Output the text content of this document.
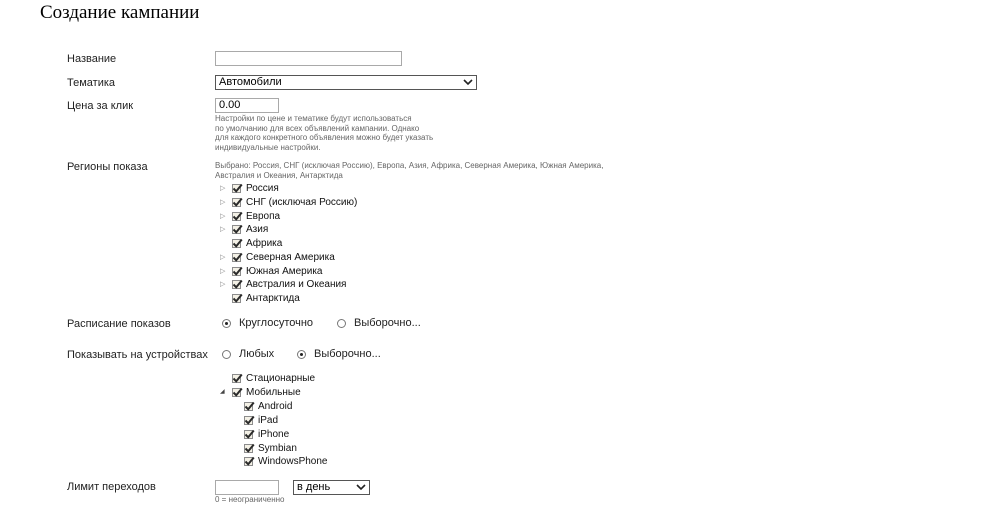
Создание кампании
Название
Тематика	Автомобили
Цена за клик	0.00
Настройки по цене и тематике будут использоваться
по умолчанию для всех объявлений кампании. Однако
для каждого конкретного объявления можно будет указать
индивидуальные настройки.
Регионы показа	Выбрано: Россия, СНГ (исключая Россию), Европа, Азия, Африка, Северная Америка, Южная Америка,
Австралия и Океания, Антарктида
▷	Россия
▷	СНГ (исключая Россию)
▷	Европа
▷	Азия
Африка
▷	Северная Америка
▷	Южная Америка
▷	Австралия и Океания
Антарктида
Расписание показов	Круглосуточно	Выборочно...
Показывать на устройствах	Любых	Выборочно...
Стационарные
◢	Мобильные
Android
iPad
iPhone
Symbian
WindowsPhone
Лимит переходов	в день
0 = неограниченно
